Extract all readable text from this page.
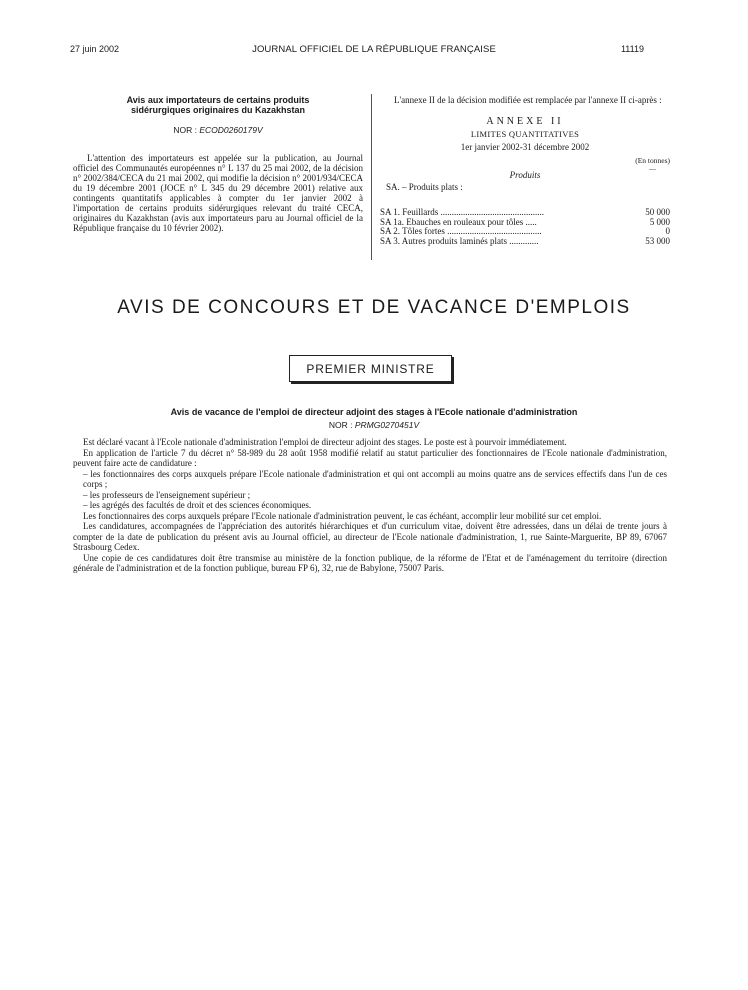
27 juin 2002	JOURNAL OFFICIEL DE LA RÉPUBLIQUE FRANÇAISE	11119
Avis aux importateurs de certains produits
sidérurgiques originaires du Kazakhstan
NOR : ECOD0260179V

L'attention des importateurs est appelée sur la publication, au Journal officiel des Communautés européennes n° L 137 du 25 mai 2002, de la décision n° 2002/384/CECA du 21 mai 2002, qui modifie la décision n° 2001/934/CECA du 19 décembre 2001 (JOCE n° L 345 du 29 décembre 2001) relative aux contingents quantitatifs applicables à compter du 1er janvier 2002 à l'importation de certains produits sidérurgiques relevant du traité CECA, originaires du Kazakhstan (avis aux importateurs paru au Journal officiel de la République française du 10 février 2002).

L'annexe II de la décision modifiée est remplacée par l'annexe II ci-après :

ANNEXE II
LIMITES QUANTITATIVES
1er janvier 2002-31 décembre 2002
(En tonnes)
—
Produits
SA. – Produits plats :
SA 1. Feuillards ..............................................	50 000
SA 1a. Ebauches en rouleaux pour tôles .....	5 000
SA 2. Tôles fortes ..........................................	0
SA 3. Autres produits laminés plats .............	53 000
AVIS DE CONCOURS ET DE VACANCE D'EMPLOIS
PREMIER MINISTRE
Avis de vacance de l'emploi de directeur adjoint des stages à l'Ecole nationale d'administration
NOR : PRMG0270451V

Est déclaré vacant à l'Ecole nationale d'administration l'emploi de directeur adjoint des stages. Le poste est à pourvoir immédiatement.

En application de l'article 7 du décret n° 58-989 du 28 août 1958 modifié relatif au statut particulier des fonctionnaires de l'Ecole nationale d'administration, peuvent faire acte de candidature :

– les fonctionnaires des corps auxquels prépare l'Ecole nationale d'administration et qui ont accompli au moins quatre ans de services effectifs dans l'un de ces corps ;

– les professeurs de l'enseignement supérieur ;

– les agrégés des facultés de droit et des sciences économiques.

Les fonctionnaires des corps auxquels prépare l'Ecole nationale d'administration peuvent, le cas échéant, accomplir leur mobilité sur cet emploi.

Les candidatures, accompagnées de l'appréciation des autorités hiérarchiques et d'un curriculum vitae, doivent être adressées, dans un délai de trente jours à compter de la date de publication du présent avis au Journal officiel, au directeur de l'Ecole nationale d'administration, 1, rue Sainte-Marguerite, BP 89, 67067 Strasbourg Cedex.

Une copie de ces candidatures doit être transmise au ministère de la fonction publique, de la réforme de l'Etat et de l'aménagement du territoire (direction générale de l'administration et de la fonction publique, bureau FP 6), 32, rue de Babylone, 75007 Paris.
